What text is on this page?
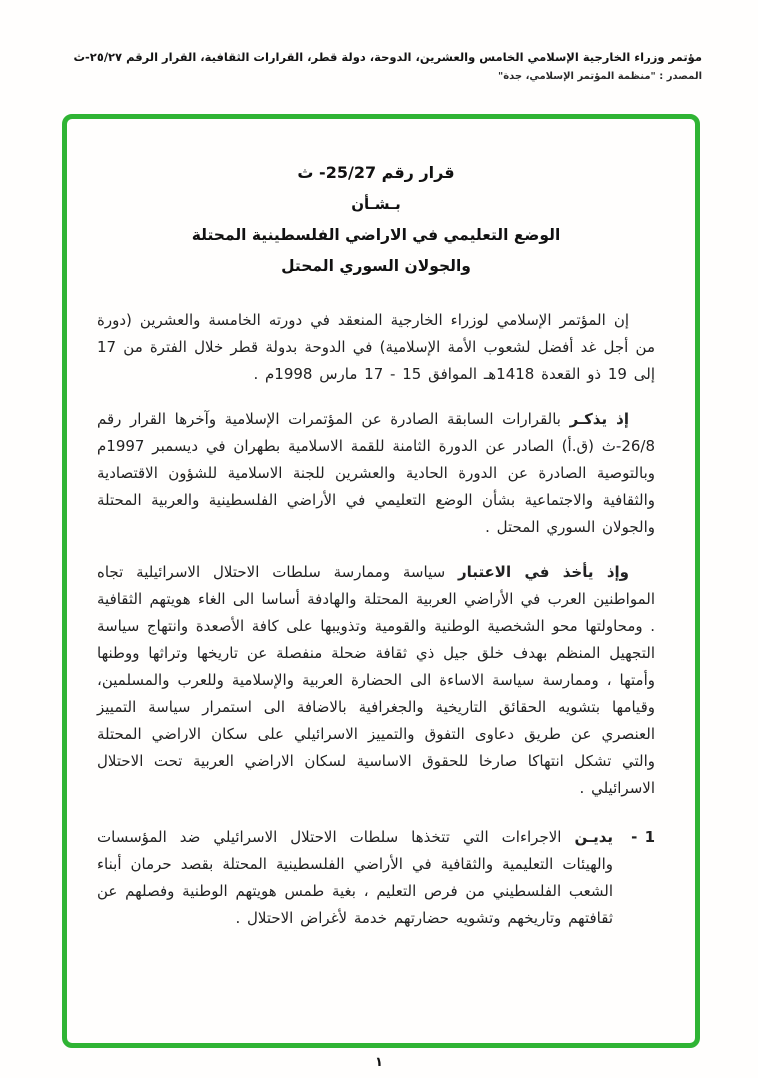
مؤتمر وزراء الخارجية الإسلامي الخامس والعشرين، الدوحة، دولة قطر، القرارات الثقافية، القرار الرقم ٢٥/٢٧-ث
المصدر : "منظمة المؤتمر الإسلامي، جدة"
قرار رقم 25/27- ث
بـشـأن
الوضع التعليمي في الاراضي الفلسطينية المحتلة
والجولان السوري المحتل

إن المؤتمر الإسلامي لوزراء الخارجية المنعقد في دورته الخامسة والعشرين (دورة من أجل غد أفضل لشعوب الأمة الإسلامية) في الدوحة بدولة قطر خلال الفترة من 17 إلى 19 ذو القعدة 1418هـ الموافق 15 - 17 مارس 1998م .

إذ يذكـر بالقرارات السابقة الصادرة عن المؤتمرات الإسلامية وآخرها القرار رقم 26/8-ث (ق.أ) الصادر عن الدورة الثامنة للقمة الاسلامية بطهران في ديسمبر 1997م وبالتوصية الصادرة عن الدورة الحادية والعشرين للجنة الاسلامية للشؤون الاقتصادية والثقافية والاجتماعية بشأن الوضع التعليمي في الأراضي الفلسطينية والعربية المحتلة والجولان السوري المحتل .

وإذ يأخذ في الاعتبار سياسة وممارسة سلطات الاحتلال الاسرائيلية تجاه المواطنين العرب في الأراضي العربية المحتلة والهادفة أساسا الى الغاء هويتهم الثقافية . ومحاولتها محو الشخصية الوطنية والقومية وتذويبها على كافة الأصعدة وانتهاج سياسة التجهيل المنظم بهدف خلق جيل ذي ثقافة ضحلة منفصلة عن تاريخها وتراثها ووطنها وأمتها ، وممارسة سياسة الاساءة الى الحضارة العربية والإسلامية وللعرب والمسلمين، وقيامها بتشويه الحقائق التاريخية والجغرافية بالاضافة الى استمرار سياسة التمييز العنصري عن طريق دعاوى التفوق والتمييز الاسرائيلي على سكان الاراضي المحتلة والتي تشكل انتهاكا صارخا للحقوق الاساسية لسكان الاراضي العربية تحت الاحتلال الاسرائيلي .

1 -
يديـن الاجراءات التي تتخذها سلطات الاحتلال الاسرائيلي ضد المؤسسات والهيئات التعليمية والثقافية في الأراضي الفلسطينية المحتلة بقصد حرمان أبناء الشعب الفلسطيني من فرص التعليم ، بغية طمس هويتهم الوطنية وفصلهم عن ثقافتهم وتاريخهم وتشويه حضارتهم خدمة لأغراض الاحتلال .
١
